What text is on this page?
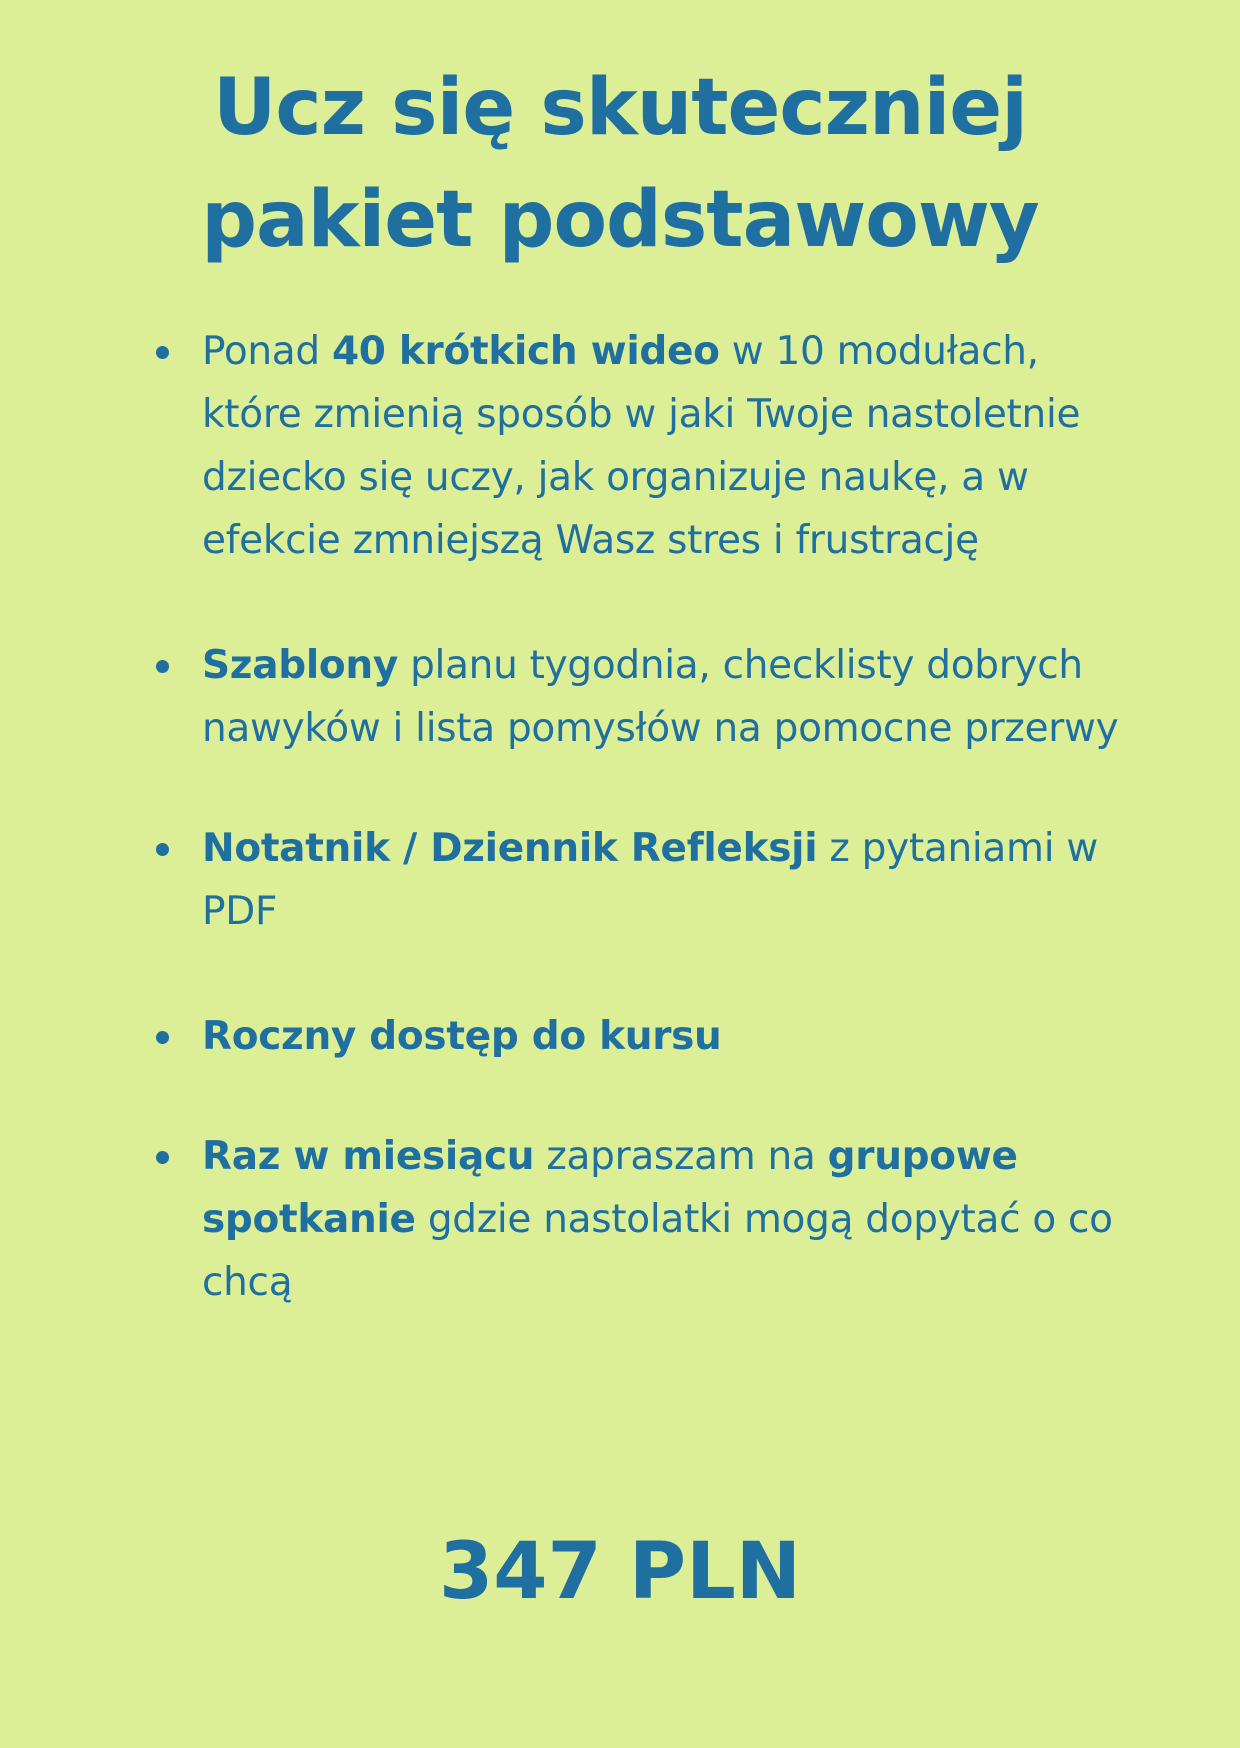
Ucz się skuteczniej
pakiet podstawowy
Ponad 40 krótkich wideo w 10 modułach, które zmienią sposób w jaki Twoje nastoletnie dziecko się uczy, jak organizuje naukę, a w efekcie zmniejszą Wasz stres i frustrację
Szablony planu tygodnia, checklisty dobrych nawyków i lista pomysłów na pomocne przerwy
Notatnik / Dziennik Refleksji z pytaniami w PDF
Roczny dostęp do kursu
Raz w miesiącu zapraszam na grupowe spotkanie gdzie nastolatki mogą dopytać o co chcą
347 PLN
